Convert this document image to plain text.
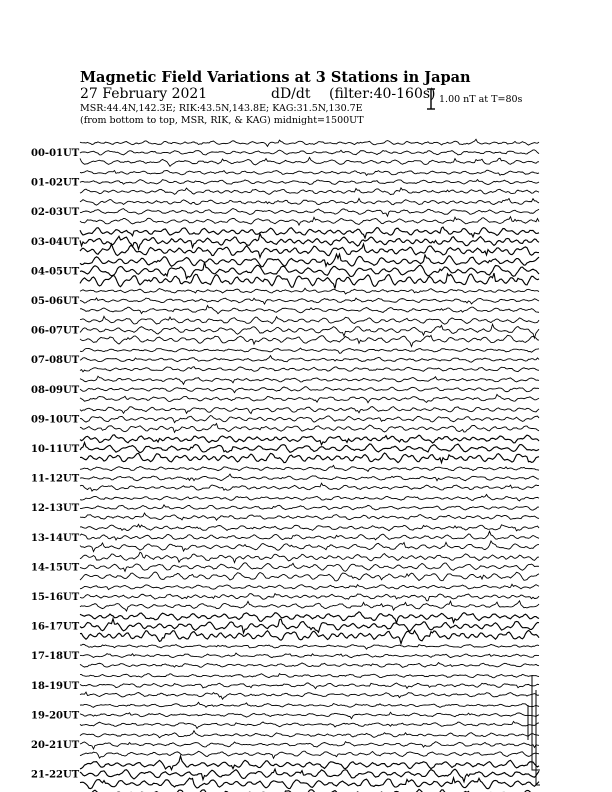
Magnetic Field Variations at 3 Stations in Japan
27 February 2021	dD/dt (filter:40-160s)
MSR:44.4N,142.3E; RIK:43.5N,143.8E; KAG:31.5N,130.7E
(from bottom to top, MSR, RIK, & KAG) midnight=1500UT
1.00 nT at T=80s
00-01UT
01-02UT
02-03UT
03-04UT
04-05UT
05-06UT
06-07UT
07-08UT
08-09UT
09-10UT
10-11UT
11-12UT
12-13UT
13-14UT
14-15UT
15-16UT
16-17UT
17-18UT
18-19UT
19-20UT
20-21UT
21-22UT
